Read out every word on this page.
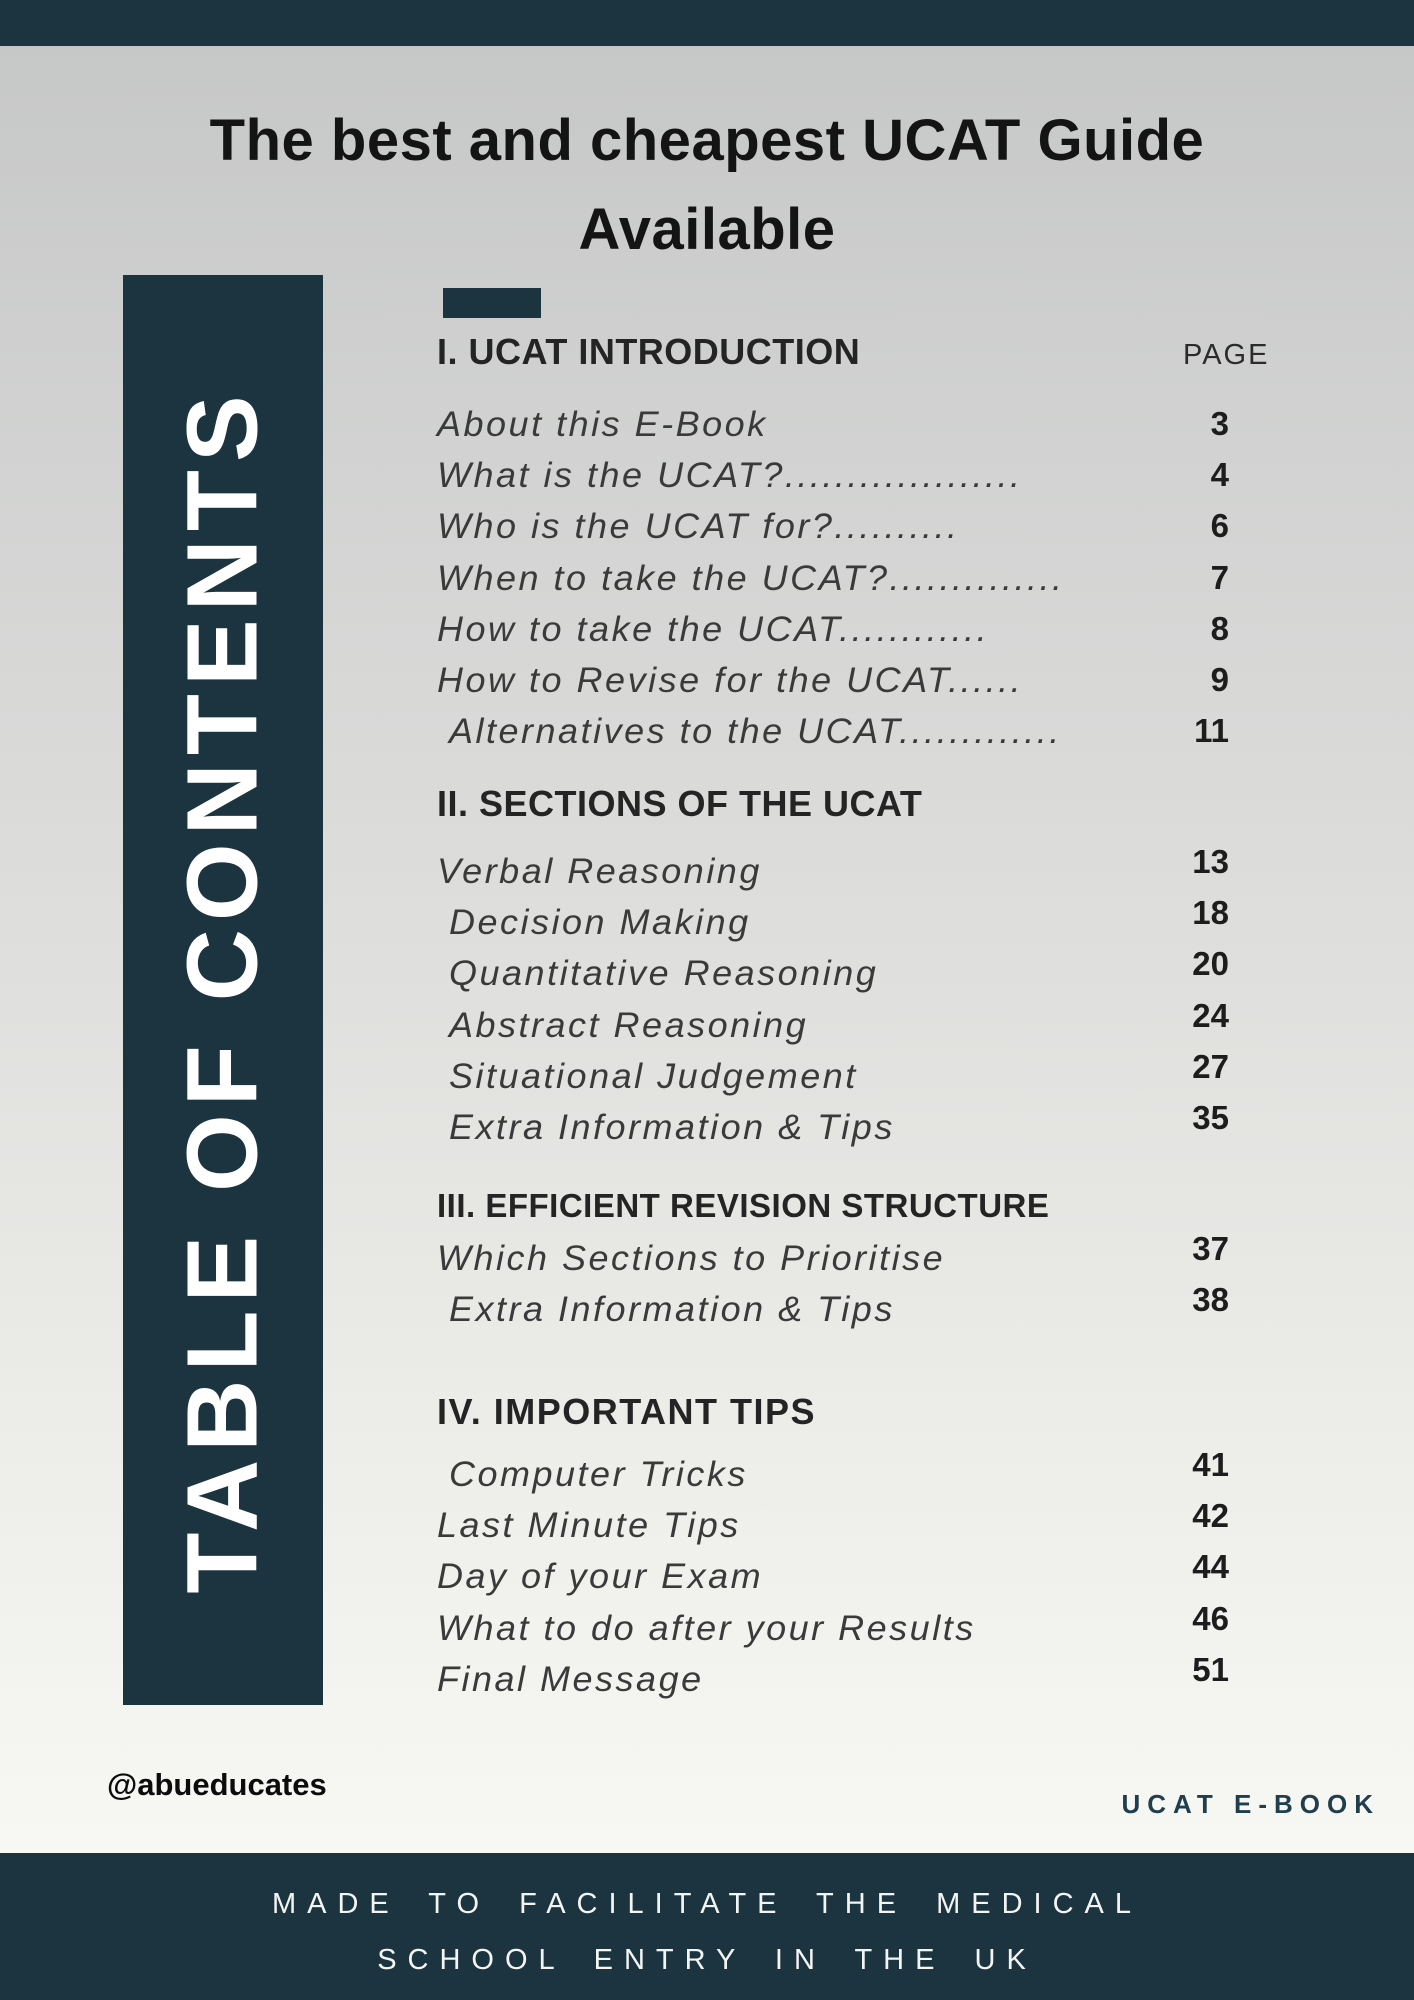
The best and cheapest UCAT Guide
Available
TABLE OF CONTENTS
PAGE
I. UCAT INTRODUCTION
About this E-Book	3
What is the UCAT?...................	4
Who is the UCAT for?..........	6
When to take the UCAT?..............	7
How to take the UCAT............	8
How to Revise for the UCAT......	9
Alternatives to the UCAT.............	11
II. SECTIONS OF THE UCAT
Verbal Reasoning	13
Decision Making	18
Quantitative Reasoning	20
Abstract Reasoning	24
Situational Judgement	27
Extra Information & Tips	35
III. EFFICIENT REVISION STRUCTURE
Which Sections to Prioritise	37
Extra Information & Tips	38
IV. IMPORTANT TIPS
Computer Tricks	41
Last Minute Tips	42
Day of your Exam	44
What to do after your Results	46
Final Message	51
@abueducates
UCAT E-BOOK
MADE TO FACILITATE THE MEDICAL
SCHOOL ENTRY IN THE UK
